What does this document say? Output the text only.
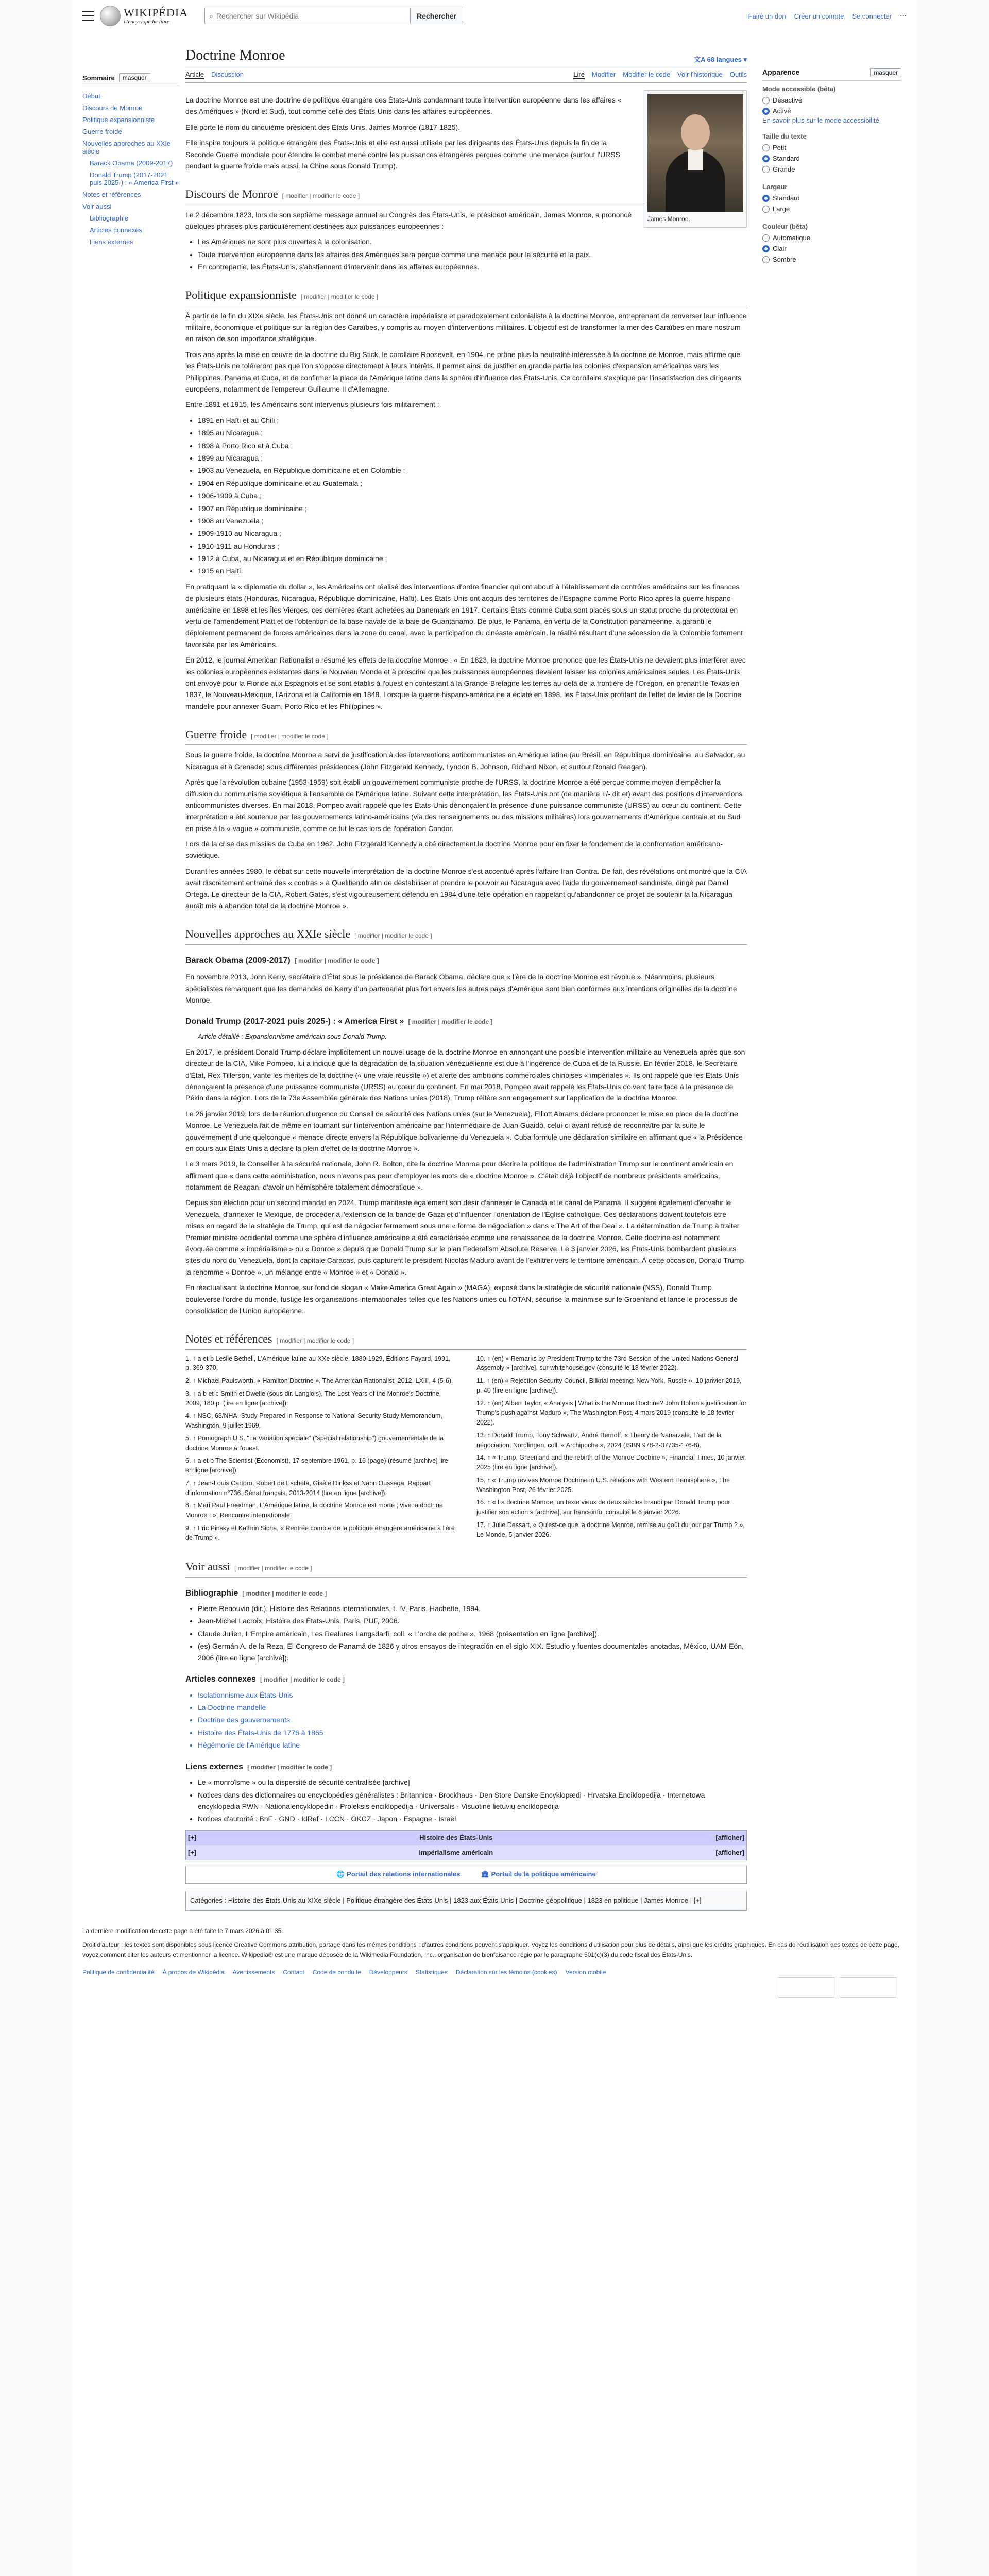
WIKIPÉDIA
L'encyclopédie libre
⌕ Rechercher sur Wikipédia	Rechercher	Faire un don Créer un compte Se connecter ⋯
Sommaire	masquer
Début
Discours de Monroe
Politique expansionniste
Guerre froide
Nouvelles approches au XXIe siècle
Barack Obama (2009-2017)
Donald Trump (2017-2021 puis 2025-) : « America First »
Notes et références
Voir aussi
Bibliographie
Articles connexes
Liens externes
Doctrine Monroe	文A 68 langues ▾
Article Discussion	Lire Modifier Modifier le code Voir l'historique Outils
James Monroe.

La doctrine Monroe est une doctrine de politique étrangère des États-Unis condamnant toute intervention européenne dans les affaires « des Amériques » (Nord et Sud), tout comme celle des États-Unis dans les affaires européennes.

Elle porte le nom du cinquième président des États-Unis, James Monroe (1817-1825).

Elle inspire toujours la politique étrangère des États-Unis et elle est aussi utilisée par les dirigeants des États-Unis depuis la fin de la Seconde Guerre mondiale pour étendre le combat mené contre les puissances étrangères perçues comme une menace (surtout l'URSS pendant la guerre froide mais aussi, la Chine sous Donald Trump).

Discours de Monroe [ modifier | modifier le code ]

Le 2 décembre 1823, lors de son septième message annuel au Congrès des États-Unis, le président américain, James Monroe, a prononcé quelques phrases plus particulièrement destinées aux puissances européennes :

• Les Amériques ne sont plus ouvertes à la colonisation.
• Toute intervention européenne dans les affaires des Amériques sera perçue comme une menace pour la sécurité et la paix.
• En contrepartie, les États-Unis, s'abstiennent d'intervenir dans les affaires européennes.
Politique expansionniste [ modifier | modifier le code ]

À partir de la fin du XIXe siècle, les États-Unis ont donné un caractère impérialiste et paradoxalement colonialiste à la doctrine Monroe, entreprenant de renverser leur influence militaire, économique et politique sur la région des Caraïbes, y compris au moyen d'interventions militaires. L'objectif est de transformer la mer des Caraïbes en mare nostrum en raison de son importance stratégique.

Trois ans après la mise en œuvre de la doctrine du Big Stick, le corollaire Roosevelt, en 1904, ne prône plus la neutralité intéressée à la doctrine de Monroe, mais affirme que les États-Unis ne toléreront pas que l'on s'oppose directement à leurs intérêts. Il permet ainsi de justifier en grande partie les colonies d'expansion américaines vers les Philippines, Panama et Cuba, et de confirmer la place de l'Amérique latine dans la sphère d'influence des États-Unis. Ce corollaire s'explique par l'insatisfaction des dirigeants européens, notamment de l'empereur Guillaume II d'Allemagne.

Entre 1891 et 1915, les Américains sont intervenus plusieurs fois militairement :

• 1891 en Haïti et au Chili ;
• 1895 au Nicaragua ;
• 1898 à Porto Rico et à Cuba ;
• 1899 au Nicaragua ;
• 1903 au Venezuela, en République dominicaine et en Colombie ;
• 1904 en République dominicaine et au Guatemala ;
• 1906-1909 à Cuba ;
• 1907 en République dominicaine ;
• 1908 au Venezuela ;
• 1909-1910 au Nicaragua ;
• 1910-1911 au Honduras ;
• 1912 à Cuba, au Nicaragua et en République dominicaine ;
• 1915 en Haïti.

En pratiquant la « diplomatie du dollar », les Américains ont réalisé des interventions d'ordre financier qui ont abouti à l'établissement de contrôles américains sur les finances de plusieurs états (Honduras, Nicaragua, République dominicaine, Haïti). Les États-Unis ont acquis des territoires de l'Espagne comme Porto Rico après la guerre hispano-américaine en 1898 et les Îles Vierges, ces dernières étant achetées au Danemark en 1917. Certains États comme Cuba sont placés sous un statut proche du protectorat en vertu de l'amendement Platt et de l'obtention de la base navale de la baie de Guantánamo. De plus, le Panama, en vertu de la Constitution panaméenne, a garanti le déploiement permanent de forces américaines dans la zone du canal, avec la participation du cinéaste américain, la réalité résultant d'une sécession de la Colombie fortement favorisée par les Américains.

En 2012, le journal American Rationalist a résumé les effets de la doctrine Monroe : « En 1823, la doctrine Monroe prononce que les États-Unis ne devaient plus interférer avec les colonies européennes existantes dans le Nouveau Monde et à proscrire que les puissances européennes devaient laisser les colonies américaines seules. Les États-Unis ont envoyé pour la Floride aux Espagnols et se sont établis à l'ouest en contestant à la Grande-Bretagne les terres au-delà de la frontière de l'Oregon, en prenant le Texas en 1837, le Nouveau-Mexique, l'Arizona et la Californie en 1848. Lorsque la guerre hispano-américaine a éclaté en 1898, les États-Unis profitant de l'effet de levier de la Doctrine mandelle pour annexer Guam, Porto Rico et les Philippines ».

Guerre froide [ modifier | modifier le code ]

Sous la guerre froide, la doctrine Monroe a servi de justification à des interventions anticommunistes en Amérique latine (au Brésil, en République dominicaine, au Salvador, au Nicaragua et à Grenade) sous différentes présidences (John Fitzgerald Kennedy, Lyndon B. Johnson, Richard Nixon, et surtout Ronald Reagan).

Après que la révolution cubaine (1953-1959) soit établi un gouvernement communiste proche de l'URSS, la doctrine Monroe a été perçue comme moyen d'empêcher la diffusion du communisme soviétique à l'ensemble de l'Amérique latine. Suivant cette interprétation, les États-Unis ont (de manière +/- dit et) avant des positions d'interventions anticommunistes diverses. En mai 2018, Pompeo avait rappelé que les États-Unis dénonçaient la présence d'une puissance communiste (URSS) au cœur du continent. Cette interprétation a été soutenue par les gouvernements latino-américains (via des renseignements ou des missions militaires) lors gouvernements d'Amérique centrale et du Sud en prise à la « vague » communiste, comme ce fut le cas lors de l'opération Condor.

Lors de la crise des missiles de Cuba en 1962, John Fitzgerald Kennedy a cité directement la doctrine Monroe pour en fixer le fondement de la confrontation américano-soviétique.

Durant les années 1980, le débat sur cette nouvelle interprétation de la doctrine Monroe s'est accentué après l'affaire Iran-Contra. De fait, des révélations ont montré que la CIA avait discrètement entraîné des « contras » à Quelifiendo afin de déstabiliser et prendre le pouvoir au Nicaragua avec l'aide du gouvernement sandiniste, dirigé par Daniel Ortega. Le directeur de la CIA, Robert Gates, s'est vigoureusement défendu en 1984 d'une telle opération en rappelant qu'abandonner ce projet de soutenir la la Nicaragua aurait mis à abandon total de la doctrine Monroe ».

Nouvelles approches au XXIe siècle [ modifier | modifier le code ]
Barack Obama (2009-2017) [ modifier | modifier le code ]

En novembre 2013, John Kerry, secrétaire d'État sous la présidence de Barack Obama, déclare que « l'ère de la doctrine Monroe est révolue ». Néanmoins, plusieurs spécialistes remarquent que les demandes de Kerry d'un partenariat plus fort envers les autres pays d'Amérique sont bien conformes aux intentions originelles de la doctrine Monroe.

Donald Trump (2017-2021 puis 2025-) : « America First » [ modifier | modifier le code ]
Article détaillé : Expansionnisme américain sous Donald Trump.

En 2017, le président Donald Trump déclare implicitement un nouvel usage de la doctrine Monroe en annonçant une possible intervention militaire au Venezuela après que son directeur de la CIA, Mike Pompeo, lui a indiqué que la dégradation de la situation vénézuélienne est due à l'ingérence de Cuba et de la Russie. En février 2018, le Secrétaire d'État, Rex Tillerson, vante les mérites de la doctrine (« une vraie réussite ») et alerte des ambitions commerciales chinoises « impériales ». Ils ont rappelé que les États-Unis dénonçaient la présence d'une puissance communiste (URSS) au cœur du continent. En mai 2018, Pompeo avait rappelé les États-Unis doivent faire face à la présence de Pékin dans la région. Lors de la 73e Assemblée générale des Nations unies (2018), Trump réitère son engagement sur l'application de la doctrine Monroe.

Le 26 janvier 2019, lors de la réunion d'urgence du Conseil de sécurité des Nations unies (sur le Venezuela), Elliott Abrams déclare prononcer le mise en place de la doctrine Monroe. Le Venezuela fait de même en tournant sur l'intervention américaine par l'intermédiaire de Juan Guaidó, celui-ci ayant refusé de reconnaître par la suite le gouvernement d'une quelconque « menace directe envers la République bolivarienne du Venezuela ». Cuba formule une déclaration similaire en affirmant que « la Présidence en cours aux États-Unis a déclaré la plein d'effet de la doctrine Monroe ».

Le 3 mars 2019, le Conseiller à la sécurité nationale, John R. Bolton, cite la doctrine Monroe pour décrire la politique de l'administration Trump sur le continent américain en affirmant que « dans cette administration, nous n'avons pas peur d'employer les mots de « doctrine Monroe ». C'était déjà l'objectif de nombreux présidents américains, notamment de Reagan, d'avoir un hémisphère totalement démocratique ».

Depuis son élection pour un second mandat en 2024, Trump manifeste également son désir d'annexer le Canada et le canal de Panama. Il suggère également d'envahir le Venezuela, d'annexer le Mexique, de procéder à l'extension de la bande de Gaza et d'influencer l'orientation de l'Église catholique. Ces déclarations doivent toutefois être mises en regard de la stratégie de Trump, qui est de négocier fermement sous une « forme de négociation » dans « The Art of the Deal ». La détermination de Trump à traiter Premier ministre occidental comme une sphère d'influence américaine a été caractérisée comme une renaissance de la doctrine Monroe. Cette doctrine est notamment évoquée comme « impérialisme » ou « Donroe » depuis que Donald Trump sur le plan Federalism Absolute Reserve. Le 3 janvier 2026, les États-Unis bombardent plusieurs sites du nord du Venezuela, dont la capitale Caracas, puis capturent le président Nicolás Maduro avant de l'exfiltrer vers le territoire américain. À cette occasion, Donald Trump la renomme « Donroe », un mélange entre « Monroe » et « Donald ».

En réactualisant la doctrine Monroe, sur fond de slogan « Make America Great Again » (MAGA), exposé dans la stratégie de sécurité nationale (NSS), Donald Trump bouleverse l'ordre du monde, fustige les organisations internationales telles que les Nations unies ou l'OTAN, sécurise la mainmise sur le Groenland et lance le processus de consolidation de l'Union européenne.

Notes et références [ modifier | modifier le code ]
1. ↑ a et b Leslie Bethell, L'Amérique latine au XXe siècle, 1880-1929, Éditions Fayard, 1991, p. 369-370.
2. ↑ Michael Paulsworth, « Hamilton Doctrine ». The American Rationalist, 2012, LXIII, 4 (5-6).
3. ↑ a b et c Smith et Dwelle (sous dir. Langlois), The Lost Years of the Monroe's Doctrine, 2009, 180 p. (lire en ligne [archive]).
4. ↑ NSC, 68/NHA, Study Prepared in Response to National Security Study Memorandum, Washington, 9 juillet 1969.
5. ↑ Pomograph U.S. "La Variation spéciale" ("special relationship") gouvernementale de la doctrine Monroe à l'ouest.
6. ↑ a et b The Scientist (Economist), 17 septembre 1961, p. 16 (page) (résumé [archive] lire en ligne [archive]).
7. ↑ Jean-Louis Cartoro, Robert de Escheta, Gisèle Dinkss et Nahn Oussaga, Rappart d'information n°736, Sénat français, 2013-2014 (lire en ligne [archive]).
8. ↑ Mari Paul Freedman, L'Amérique latine, la doctrine Monroe est morte ; vive la doctrine Monroe ! », Rencontre internationale.
9. ↑ Eric Pinsky et Kathrin Sicha, « Rentrée compte de la politique étrangère américaine à l'ère de Trump ».
10. ↑ (en) « Remarks by President Trump to the 73rd Session of the United Nations General Assembly » [archive], sur whitehouse.gov (consulté le 18 février 2022).
11. ↑ (en) « Rejection Security Council, Bilkrial meeting: New York, Russie », 10 janvier 2019, p. 40 (lire en ligne [archive]).
12. ↑ (en) Albert Taylor, « Analysis | What is the Monroe Doctrine? John Bolton's justification for Trump's push against Maduro », The Washington Post, 4 mars 2019 (consulté le 18 février 2022).
13. ↑ Donald Trump, Tony Schwartz, André Bernoff, « Theory de Nanarzale, L'art de la négociation, Nordlingen, coll. « Archipoche », 2024 (ISBN 978-2-37735-176-8).
14. ↑ « Trump, Greenland and the rebirth of the Monroe Doctrine », Financial Times, 10 janvier 2025 (lire en ligne [archive]).
15. ↑ « Trump revives Monroe Doctrine in U.S. relations with Western Hemisphere », The Washington Post, 26 février 2025.
16. ↑ « La doctrine Monroe, un texte vieux de deux siècles brandi par Donald Trump pour justifier son action » [archive], sur franceinfo, consulté le 6 janvier 2026.
17. ↑ Julie Dessart, « Qu'est-ce que la doctrine Monroe, remise au goût du jour par Trump ? », Le Monde, 5 janvier 2026.
Voir aussi [ modifier | modifier le code ]
Bibliographie [ modifier | modifier le code ]
• Pierre Renouvin (dir.), Histoire des Relations internationales, t. IV, Paris, Hachette, 1994.
• Jean-Michel Lacroix, Histoire des États-Unis, Paris, PUF, 2006.
• Claude Julien, L'Empire américain, Les Realures Langsdarfi, coll. « L'ordre de poche », 1968 (présentation en ligne [archive]).
• (es) Germán A. de la Reza, El Congreso de Panamá de 1826 y otros ensayos de integración en el siglo XIX. Estudio y fuentes documentales anotadas, México, UAM-Eón, 2006 (lire en ligne [archive]).
Articles connexes [ modifier | modifier le code ]
• Isolationnisme aux États-Unis
• La Doctrine mandelle
• Doctrine des gouvernements
• Histoire des États-Unis de 1776 à 1865
• Hégémonie de l'Amérique latine
Liens externes [ modifier | modifier le code ]
• Le « monroïsme » ou la dispersité de sécurité centralisée [archive]
• Notices dans des dictionnaires ou encyclopédies généralistes : Britannica · Brockhaus · Den Store Danske Encyklopædi · Hrvatska Enciklopedija · Internetowa encyklopedia PWN · Nationalencyklopedin · Proleksis enciklopedija · Universalis · Visuotinė lietuvių enciklopedija
• Notices d'autorité : BnF · GND · IdRef · LCCN · OKCZ · Japon · Espagne · Israël
[+]	Histoire des États-Unis	[afficher]
[+]	Impérialisme américain	[afficher]
🌐 Portail des relations internationales	🏛 Portail de la politique américaine
Catégories : Histoire des États-Unis au XIXe siècle | Politique étrangère des États-Unis | 1823 aux États-Unis | Doctrine géopolitique | 1823 en politique | James Monroe | [+]
Apparence	masquer
Mode accessible (bêta)
Désactivé
Activé
En savoir plus sur le mode accessibilité
Taille du texte
Petit
Standard
Grande
Largeur
Standard
Large
Couleur (bêta)
Automatique
Clair
Sombre
La dernière modification de cette page a été faite le 7 mars 2026 à 01:35.
Droit d'auteur : les textes sont disponibles sous licence Creative Commons attribution, partage dans les mêmes conditions ; d'autres conditions peuvent s'appliquer. Voyez les conditions d'utilisation pour plus de détails, ainsi que les crédits graphiques. En cas de réutilisation des textes de cette page, voyez comment citer les auteurs et mentionner la licence. Wikipedia® est une marque déposée de la Wikimedia Foundation, Inc., organisation de bienfaisance régie par le paragraphe 501(c)(3) du code fiscal des États-Unis.
Politique de confidentialité À propos de Wikipédia Avertissements Contact Code de conduite Développeurs Statistiques Déclaration sur les témoins (cookies) Version mobile
